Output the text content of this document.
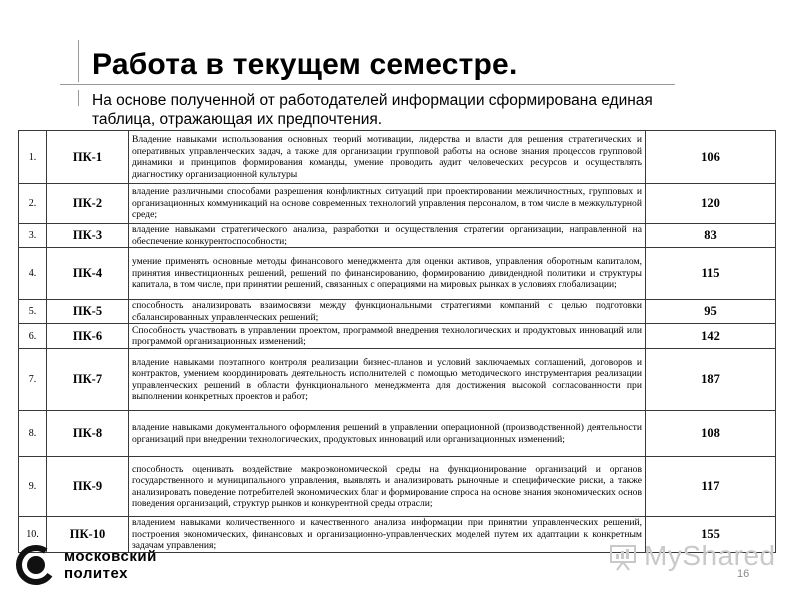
Работа в текущем семестре.
На основе полученной от работодателей информации сформирована единая таблица, отражающая их предпочтения.
1.	ПК-1	Владение навыками использования основных теорий мотивации, лидерства и власти для решения стратегических и оперативных управленческих задач, а также для организации групповой работы на основе знания процессов групповой динамики и принципов формирования команды, умение проводить аудит человеческих ресурсов и осуществлять диагностику организационной культуры	106
2.	ПК-2	владение различными способами разрешения конфликтных ситуаций при проектировании межличностных, групповых и организационных коммуникаций на основе современных технологий управления персоналом, в том числе в межкультурной среде;	120
3.	ПК-3	владение навыками стратегического анализа, разработки и осуществления стратегии организации, направленной на обеспечение конкурентоспособности;	83
4.	ПК-4	умение применять основные методы финансового менеджмента для оценки активов, управления оборотным капиталом, принятия инвестиционных решений, решений по финансированию, формированию дивидендной политики и структуры капитала, в том числе, при принятии решений, связанных с операциями на мировых рынках в условиях глобализации;	115
5.	ПК-5	способность анализировать взаимосвязи между функциональными стратегиями компаний с целью подготовки сбалансированных управленческих решений;	95
6.	ПК-6	Способность участвовать в управлении проектом, программой внедрения технологических и продуктовых инноваций или программой организационных изменений;	142
7.	ПК-7	владение навыками поэтапного контроля реализации бизнес-планов и условий заключаемых соглашений, договоров и контрактов, умением координировать деятельность исполнителей с помощью методического инструментария реализации управленческих решений в области функционального менеджмента для достижения высокой согласованности при выполнении конкретных проектов и работ;	187
8.	ПК-8	владение навыками документального оформления решений в управлении операционной (производственной) деятельности организаций при внедрении технологических, продуктовых инноваций или организационных изменений;	108
9.	ПК-9	способность оценивать воздействие макроэкономической среды на функционирование организаций и органов государственного и муниципального управления, выявлять и анализировать рыночные и специфические риски, а также анализировать поведение потребителей экономических благ и формирование спроса на основе знания экономических основ поведения организаций, структур рынков и конкурентной среды отрасли;	117
10.	ПК-10	владением навыками количественного и качественного анализа информации при принятии управленческих решений, построения экономических, финансовых и организационно-управленческих моделей путем их адаптации к конкретным задачам управления;	155
московский
политех
MyShared
16
